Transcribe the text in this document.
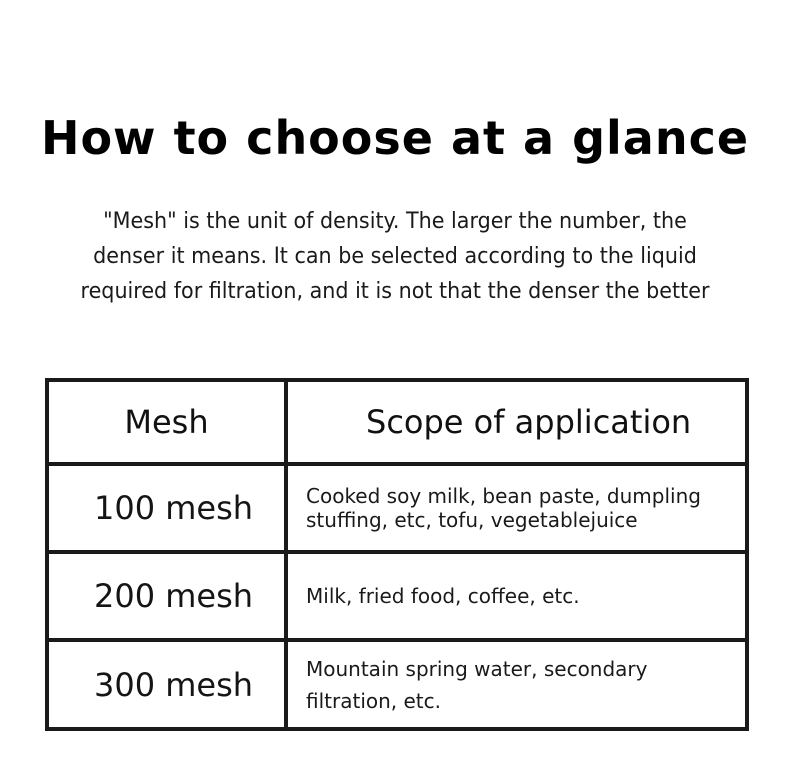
How to choose at a glance
"Mesh" is the unit of density. The larger the number, the
denser it means. It can be selected according to the liquid
required for filtration, and it is not that the denser the better
Mesh	Scope of application
100 mesh	Cooked soy milk, bean paste, dumpling stuffing, etc, tofu, vegetablejuice
200 mesh	Milk, fried food, coffee, etc.
300 mesh	Mountain spring water, secondary filtration, etc.
